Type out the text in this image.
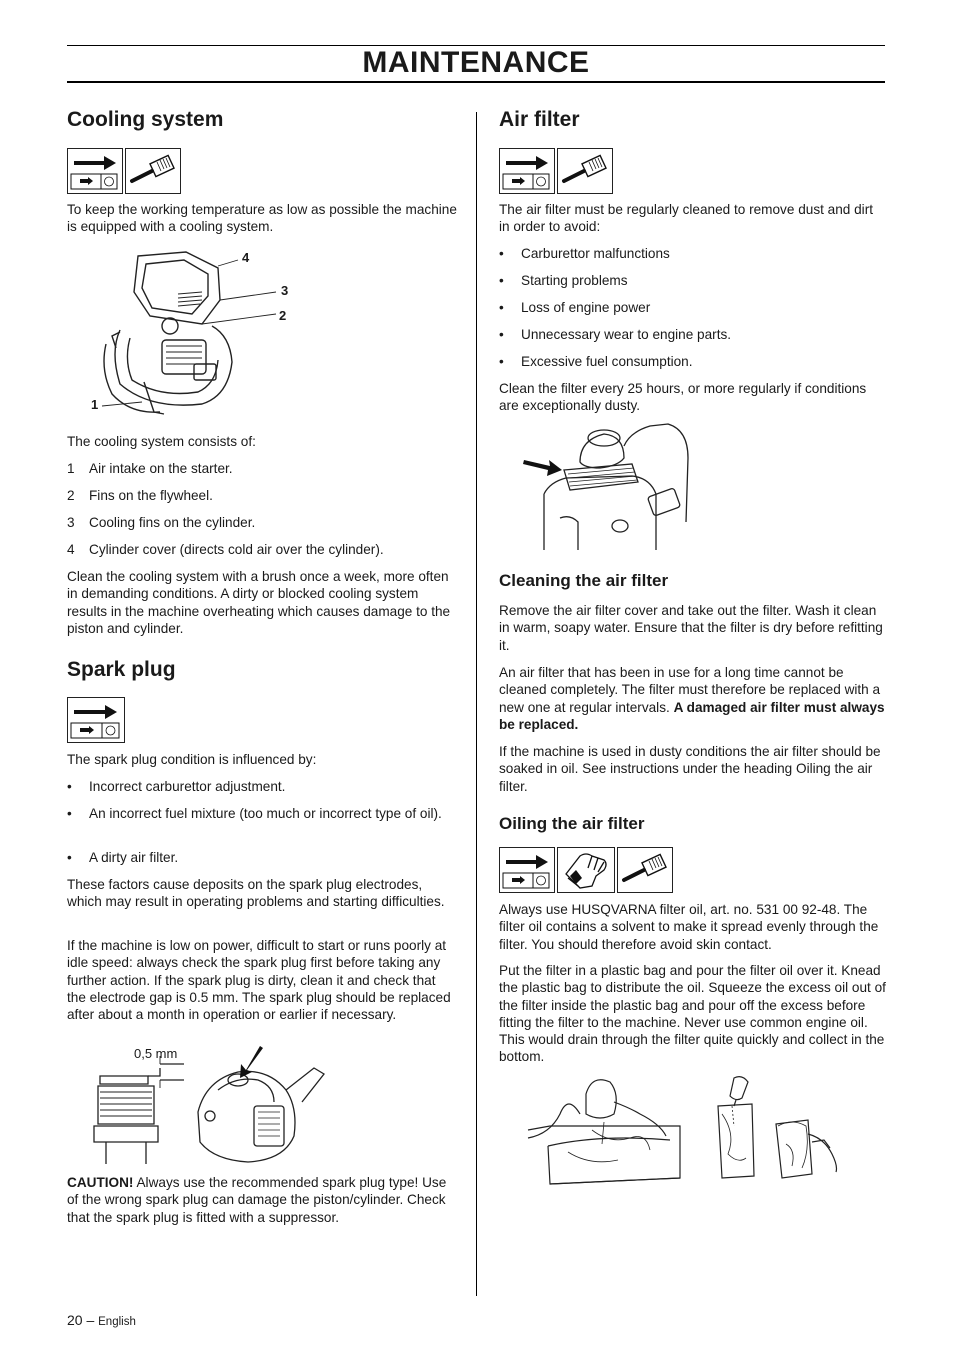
MAINTENANCE
Cooling system

To keep the working temperature as low as possible the machine is equipped with a cooling system.

4
3
2
1

The cooling system consists of:

1 Air intake on the starter.
2 Fins on the flywheel.
3 Cooling fins on the cylinder.
4 Cylinder cover (directs cold air over the cylinder).

Clean the cooling system with a brush once a week, more often in demanding conditions. A dirty or blocked cooling system results in the machine overheating which causes damage to the piston and cylinder.

Spark plug

The spark plug condition is influenced by:

• Incorrect carburettor adjustment.
• An incorrect fuel mixture (too much or incorrect type of oil).
• A dirty air filter.

These factors cause deposits on the spark plug electrodes, which may result in operating problems and starting difficulties.

If the machine is low on power, difficult to start or runs poorly at idle speed: always check the spark plug first before taking any further action. If the spark plug is dirty, clean it and check that the electrode gap is 0.5 mm. The spark plug should be replaced after about a month in operation or earlier if necessary.

0,5 mm

CAUTION! Always use the recommended spark plug type! Use of the wrong spark plug can damage the piston/cylinder. Check that the spark plug is fitted with a suppressor.

Air filter

The air filter must be regularly cleaned to remove dust and dirt in order to avoid:

• Carburettor malfunctions
• Starting problems
• Loss of engine power
• Unnecessary wear to engine parts.
• Excessive fuel consumption.

Clean the filter every 25 hours, or more regularly if conditions are exceptionally dusty.

Cleaning the air filter

Remove the air filter cover and take out the filter. Wash it clean in warm, soapy water. Ensure that the filter is dry before refitting it.

An air filter that has been in use for a long time cannot be cleaned completely. The filter must therefore be replaced with a new one at regular intervals. A damaged air filter must always be replaced.

If the machine is used in dusty conditions the air filter should be soaked in oil. See instructions under the heading Oiling the air filter.

Oiling the air filter

Always use HUSQVARNA filter oil, art. no. 531 00 92-48. The filter oil contains a solvent to make it spread evenly through the filter. You should therefore avoid skin contact.

Put the filter in a plastic bag and pour the filter oil over it. Knead the plastic bag to distribute the oil. Squeeze the excess oil out of the filter inside the plastic bag and pour off the excess before fitting the filter to the machine. Never use common engine oil. This would drain through the filter quite quickly and collect in the bottom.

20 – English
